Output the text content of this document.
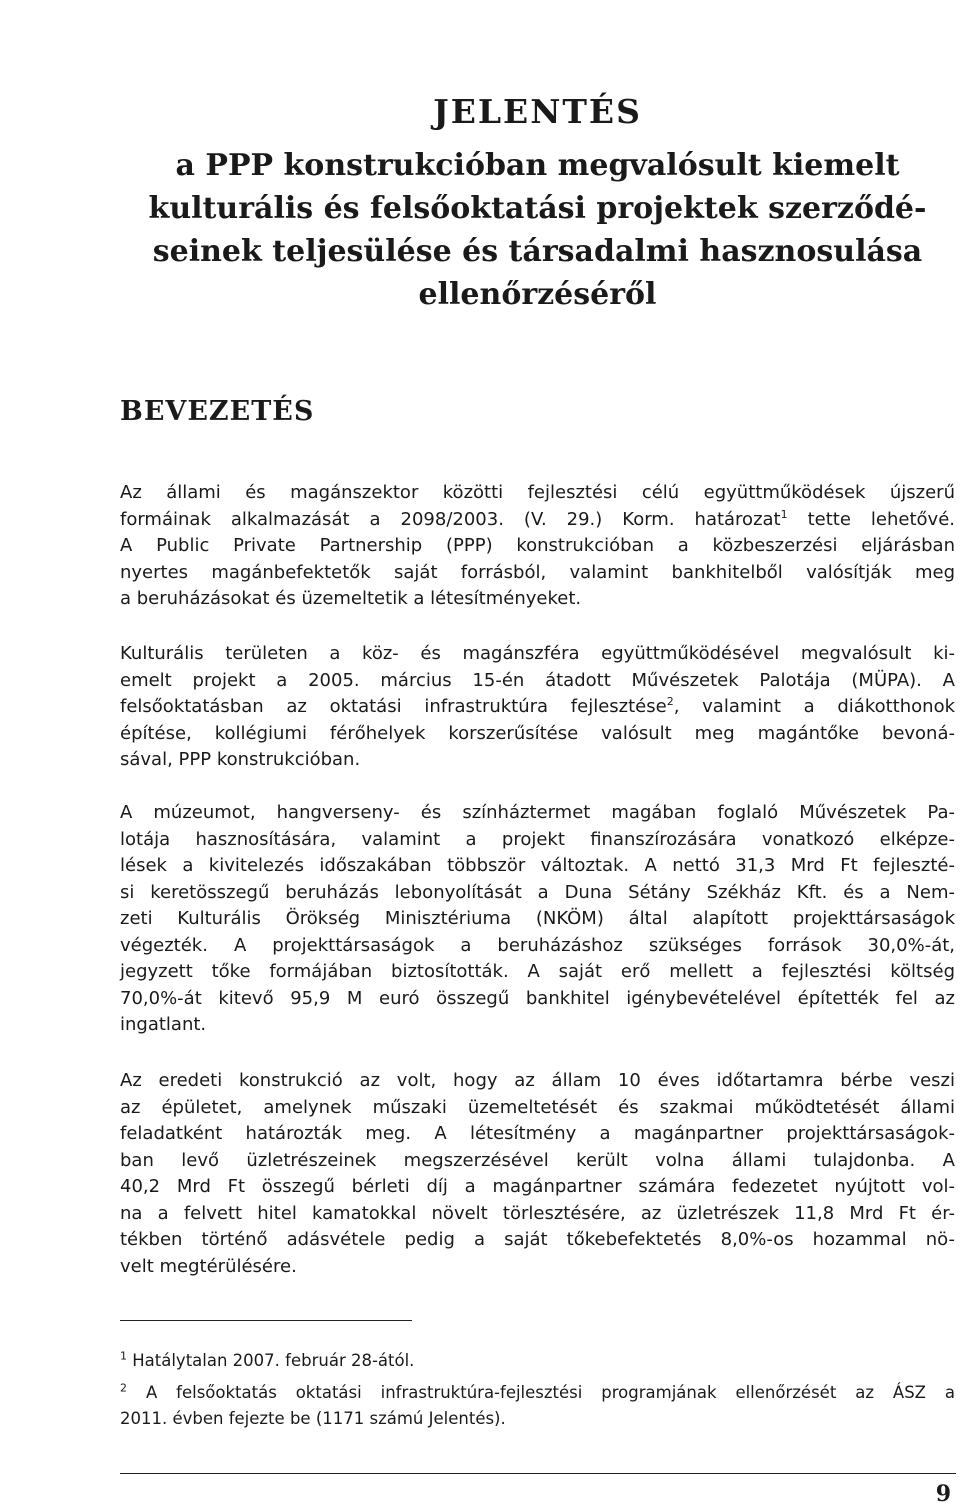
JELENTÉS
a PPP konstrukcióban megvalósult kiemelt
kulturális és felsőoktatási projektek szerződé-
seinek teljesülése és társadalmi hasznosulása
ellenőrzéséről
BEVEZETÉS

Az állami és magánszektor közötti fejlesztési célú együttműködések újszerű
formáinak alkalmazását a 2098/2003. (V. 29.) Korm. határozat$^1$ tette lehetővé.
A Public Private Partnership (PPP) konstrukcióban a közbeszerzési eljárásban
nyertes magánbefektetők saját forrásból, valamint bankhitelből valósítják meg
a beruházásokat és üzemeltetik a létesítményeket.

Kulturális területen a köz- és magánszféra együttműködésével megvalósult ki-
emelt projekt a 2005. március 15-én átadott Művészetek Palotája (MÜPA). A
felsőoktatásban az oktatási infrastruktúra fejlesztése$^2$, valamint a diákotthonok
építése, kollégiumi férőhelyek korszerűsítése valósult meg magántőke bevoná-
sával, PPP konstrukcióban.

A múzeumot, hangverseny- és színháztermet magában foglaló Művészetek Pa-
lotája hasznosítására, valamint a projekt finanszírozására vonatkozó elképze-
lések a kivitelezés időszakában többször változtak. A nettó 31,3 Mrd Ft fejleszté-
si keretösszegű beruházás lebonyolítását a Duna Sétány Székház Kft. és a Nem-
zeti Kulturális Örökség Minisztériuma (NKÖM) által alapított projekttársaságok
végezték. A projekttársaságok a beruházáshoz szükséges források 30,0%-át,
jegyzett tőke formájában biztosították. A saját erő mellett a fejlesztési költség
70,0%-át kitevő 95,9 M euró összegű bankhitel igénybevételével építették fel az
ingatlant.

Az eredeti konstrukció az volt, hogy az állam 10 éves időtartamra bérbe veszi
az épületet, amelynek műszaki üzemeltetését és szakmai működtetését állami
feladatként határozták meg. A létesítmény a magánpartner projekttársaságok-
ban levő üzletrészeinek megszerzésével került volna állami tulajdonba. A
40,2 Mrd Ft összegű bérleti díj a magánpartner számára fedezetet nyújtott vol-
na a felvett hitel kamatokkal növelt törlesztésére, az üzletrészek 11,8 Mrd Ft ér-
tékben történő adásvétele pedig a saját tőkebefektetés 8,0%-os hozammal nö-
velt megtérülésére.

$^1$ Hatálytalan 2007. február 28-ától.

$^2$ A felsőoktatás oktatási infrastruktúra-fejlesztési programjának ellenőrzését az ÁSZ a
2011. évben fejezte be (1171 számú Jelentés).

9
